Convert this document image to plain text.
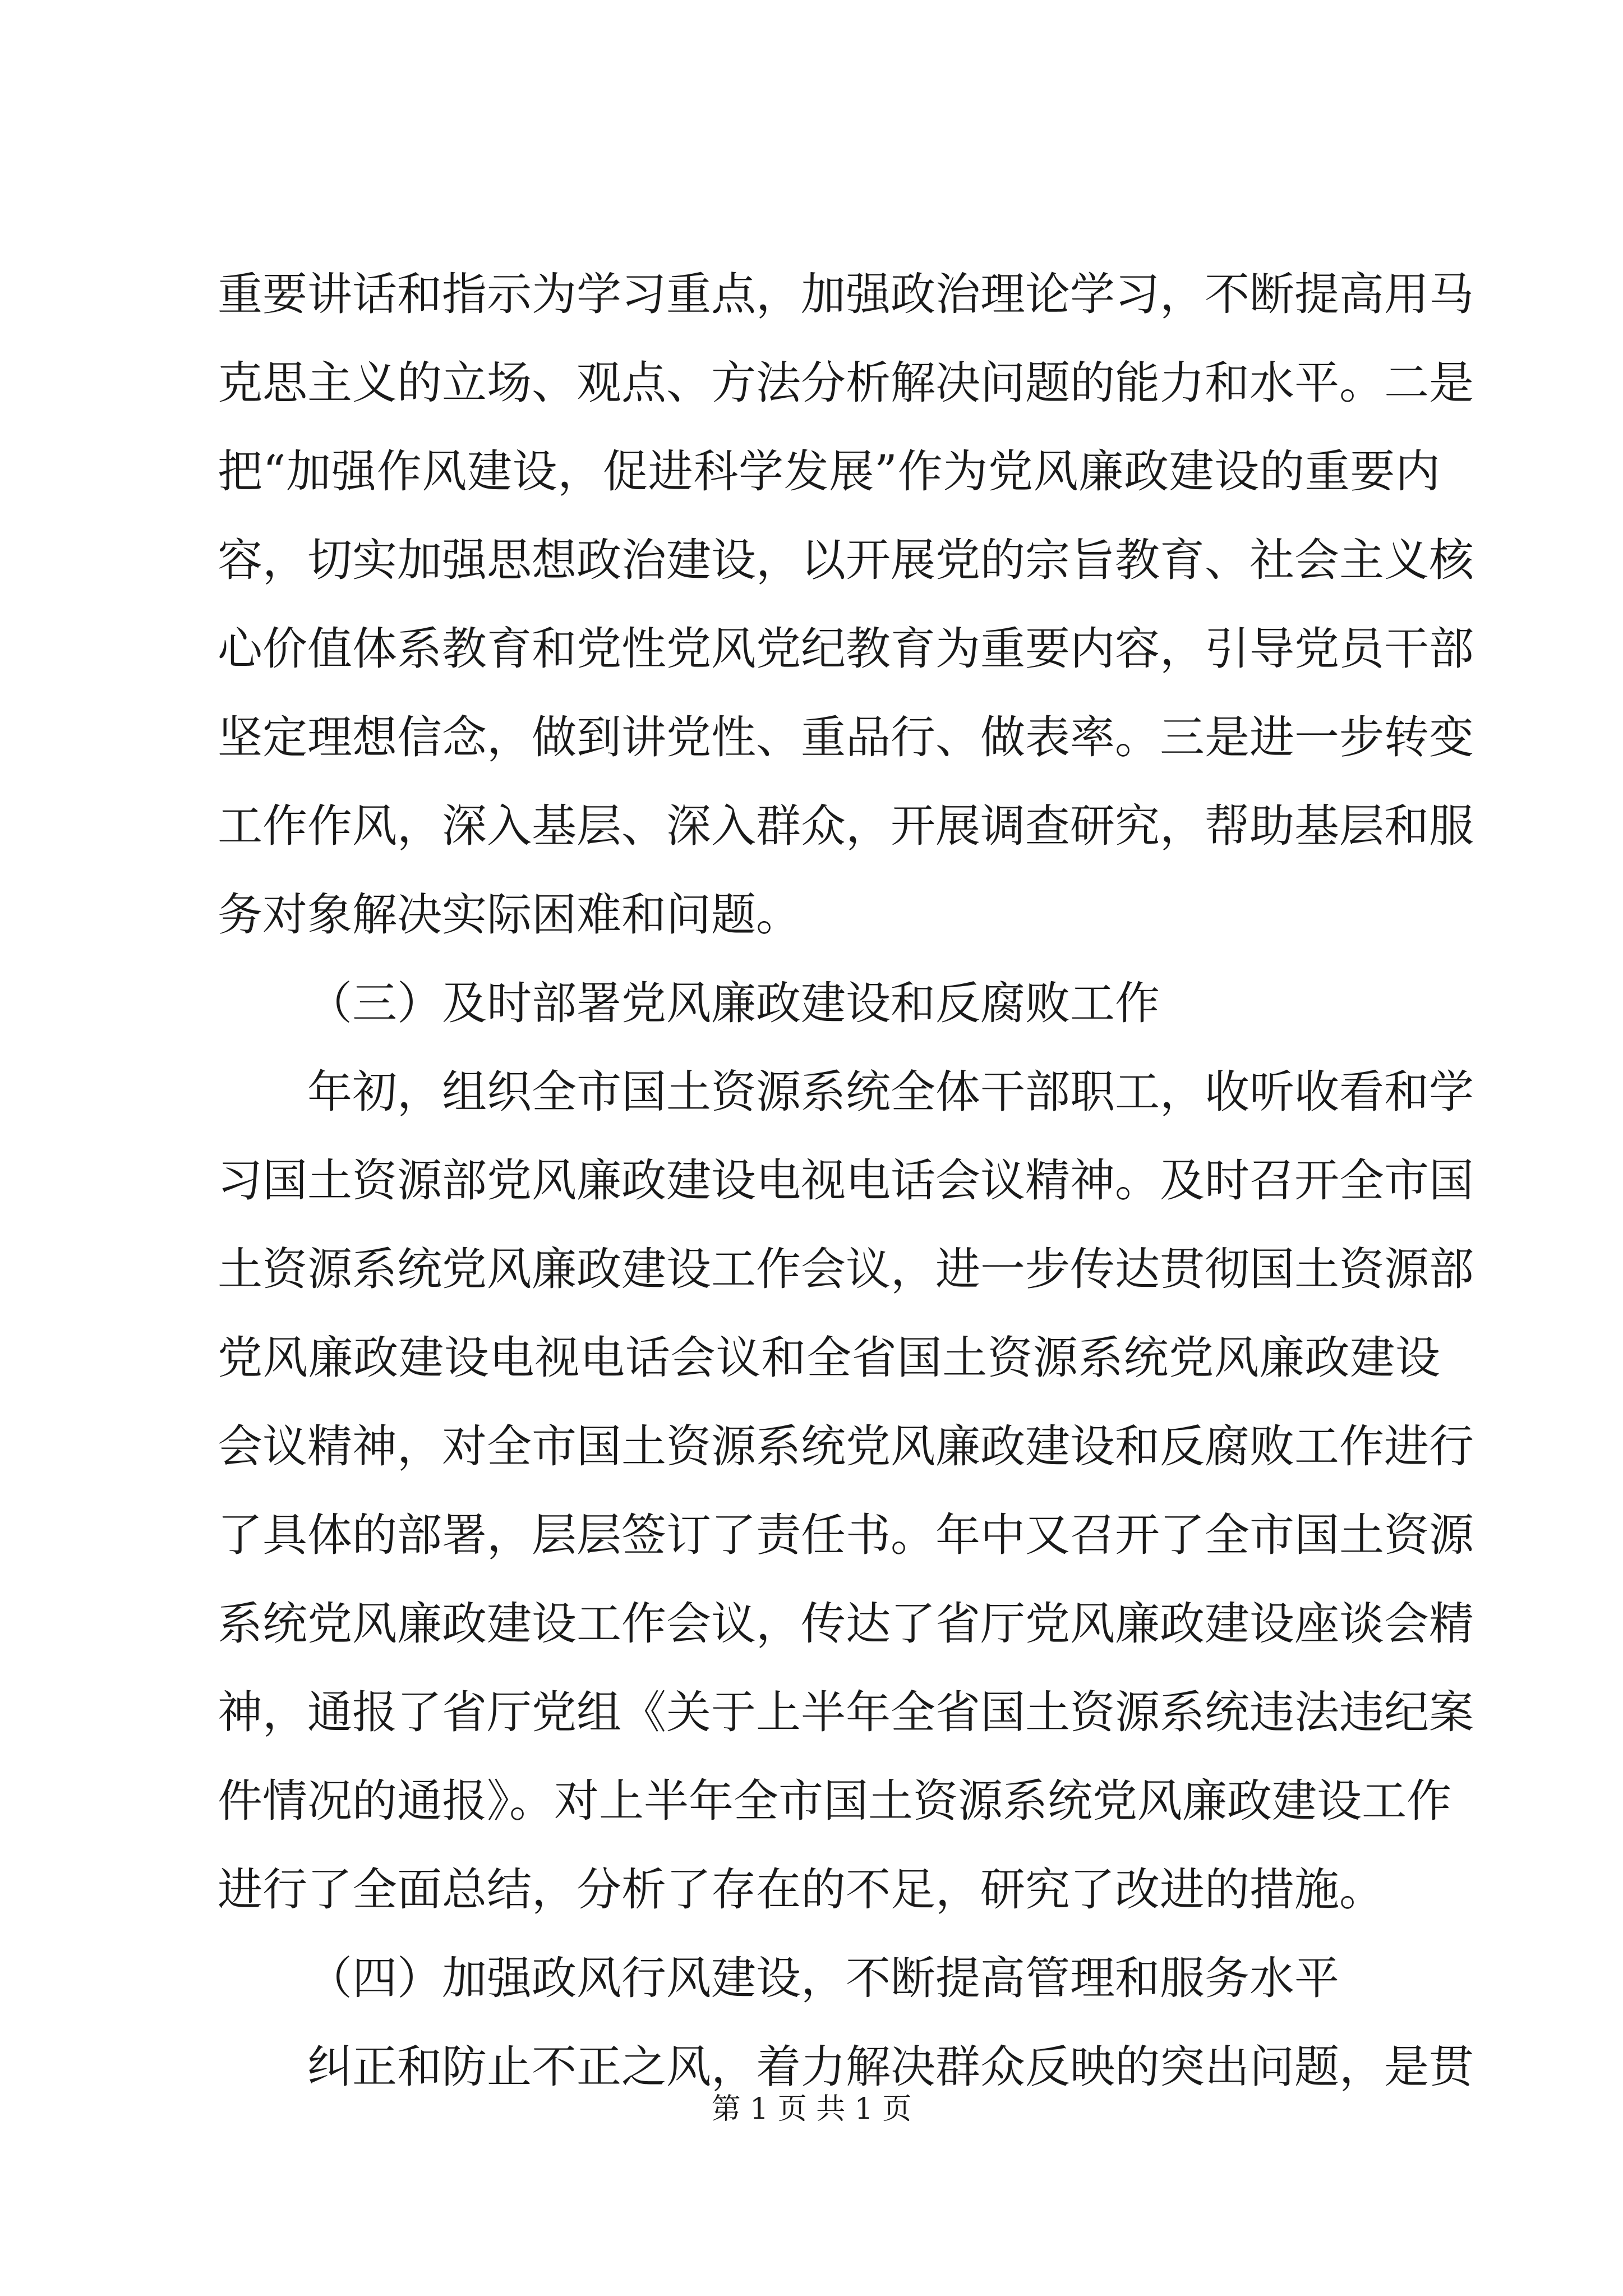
重要讲话和指示为学习重点，加强政治理论学习，不断提高用马
克思主义的立场、观点、方法分析解决问题的能力和水平。二是
把“加强作风建设，促进科学发展”作为党风廉政建设的重要内
容，切实加强思想政治建设，以开展党的宗旨教育、社会主义核
心价值体系教育和党性党风党纪教育为重要内容，引导党员干部
坚定理想信念，做到讲党性、重品行、做表率。三是进一步转变
工作作风，深入基层、深入群众，开展调查研究，帮助基层和服
务对象解决实际困难和问题。
（三）及时部署党风廉政建设和反腐败工作
年初，组织全市国土资源系统全体干部职工，收听收看和学
习国土资源部党风廉政建设电视电话会议精神。及时召开全市国
土资源系统党风廉政建设工作会议，进一步传达贯彻国土资源部
党风廉政建设电视电话会议和全省国土资源系统党风廉政建设
会议精神，对全市国土资源系统党风廉政建设和反腐败工作进行
了具体的部署，层层签订了责任书。年中又召开了全市国土资源
系统党风廉政建设工作会议，传达了省厅党风廉政建设座谈会精
神，通报了省厅党组《关于上半年全省国土资源系统违法违纪案
件情况的通报》。对上半年全市国土资源系统党风廉政建设工作
进行了全面总结，分析了存在的不足，研究了改进的措施。
（四）加强政风行风建设，不断提高管理和服务水平
纠正和防止不正之风，着力解决群众反映的突出问题，是贯
第 1 页 共 1 页
